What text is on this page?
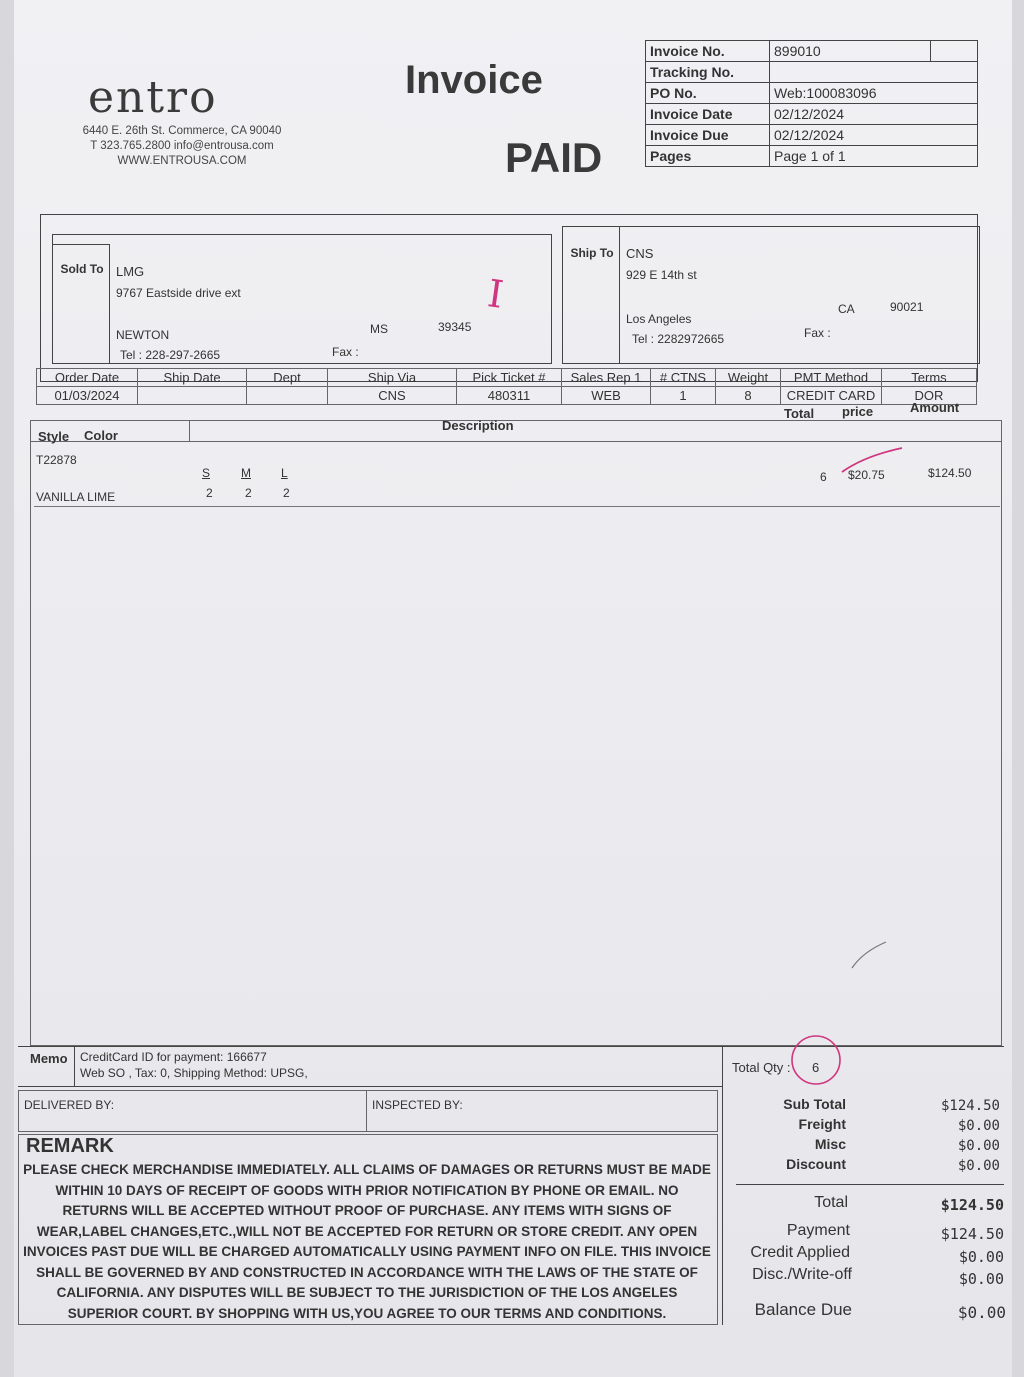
entro
6440 E. 26th St. Commerce, CA 90040
T 323.765.2800 info@entrousa.com
WWW.ENTROUSA.COM
Invoice
PAID
Invoice No.	899010	
Tracking No.		
PO No.	Web:100083096	
Invoice Date	02/12/2024	
Invoice Due	02/12/2024	
Pages	Page 1 of 1	
Sold To LMG
9767 Eastside drive ext
NEWTON	MS	39345
Tel : 228-297-2665	Fax :
I
Ship To CNS
929 E 14th st
Los Angeles
CA	90021
Tel : 2282972665	Fax :
Order Date	Ship Date	Dept	Ship Via	Pick Ticket #	Sales Rep 1	# CTNS	Weight	PMT Method	Terms
01/03/2024			CNS	480311	WEB	1	8	CREDIT CARD	DOR
Style Color
Description
Total price	Amount
T22878
S	M	L
2	2	2
VANILLA LIME
6 $20.75	$124.50
Memo CreditCard ID for payment: 166677
Web SO , Tax: 0, Shipping Method: UPSG,	Total Qty : 6
DELIVERED BY:	INSPECTED BY:
REMARK
PLEASE CHECK MERCHANDISE IMMEDIATELY. ALL CLAIMS OF DAMAGES OR RETURNS MUST BE MADE WITHIN 10 DAYS OF RECEIPT OF GOODS WITH PRIOR NOTIFICATION BY PHONE OR EMAIL. NO RETURNS WILL BE ACCEPTED WITHOUT PROOF OF PURCHASE. ANY ITEMS WITH SIGNS OF WEAR,LABEL CHANGES,ETC.,WILL NOT BE ACCEPTED FOR RETURN OR STORE CREDIT. ANY OPEN INVOICES PAST DUE WILL BE CHARGED AUTOMATICALLY USING PAYMENT INFO ON FILE. THIS INVOICE SHALL BE GOVERNED BY AND CONSTRUCTED IN ACCORDANCE WITH THE LAWS OF THE STATE OF CALIFORNIA. ANY DISPUTES WILL BE SUBJECT TO THE JURISDICTION OF THE LOS ANGELES SUPERIOR COURT. BY SHOPPING WITH US,YOU AGREE TO OUR TERMS AND CONDITIONS.
Sub Total	$124.50
Freight	$0.00
Misc	$0.00
Discount	$0.00
Total	$124.50
Payment	$124.50
Credit Applied	$0.00
Disc./Write-off	$0.00
Balance Due	$0.00
